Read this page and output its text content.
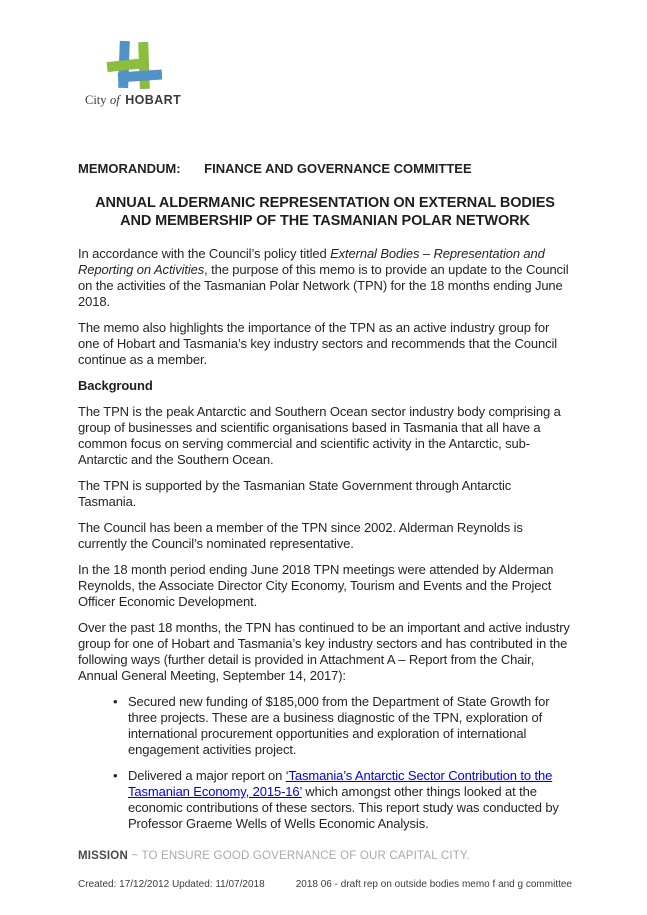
City of HOBART
MEMORANDUM: FINANCE AND GOVERNANCE COMMITTEE
ANNUAL ALDERMANIC REPRESENTATION ON EXTERNAL BODIES
AND MEMBERSHIP OF THE TASMANIAN POLAR NETWORK

In accordance with the Council’s policy titled External Bodies – Representation and Reporting on Activities, the purpose of this memo is to provide an update to the Council on the activities of the Tasmanian Polar Network (TPN) for the 18 months ending June 2018.

The memo also highlights the importance of the TPN as an active industry group for one of Hobart and Tasmania’s key industry sectors and recommends that the Council continue as a member.

Background

The TPN is the peak Antarctic and Southern Ocean sector industry body comprising a group of businesses and scientific organisations based in Tasmania that all have a common focus on serving commercial and scientific activity in the Antarctic, sub-Antarctic and the Southern Ocean.

The TPN is supported by the Tasmanian State Government through Antarctic Tasmania.

The Council has been a member of the TPN since 2002. Alderman Reynolds is currently the Council’s nominated representative.

In the 18 month period ending June 2018 TPN meetings were attended by Alderman Reynolds, the Associate Director City Economy, Tourism and Events and the Project Officer Economic Development.

Over the past 18 months, the TPN has continued to be an important and active industry group for one of Hobart and Tasmania’s key industry sectors and has contributed in the following ways (further detail is provided in Attachment A – Report from the Chair, Annual General Meeting, September 14, 2017):

• Secured new funding of $185,000 from the Department of State Growth for three projects. These are a business diagnostic of the TPN, exploration of international procurement opportunities and exploration of international engagement activities project.
• Delivered a major report on ‘Tasmania’s Antarctic Sector Contribution to the Tasmanian Economy, 2015-16’ which amongst other things looked at the economic contributions of these sectors. This report study was conducted by Professor Graeme Wells of Wells Economic Analysis.
MISSION ~ TO ENSURE GOOD GOVERNANCE OF OUR CAPITAL CITY.
Created: 17/12/2012 Updated: 11/07/2018	2018 06 - draft rep on outside bodies memo f and g committee
